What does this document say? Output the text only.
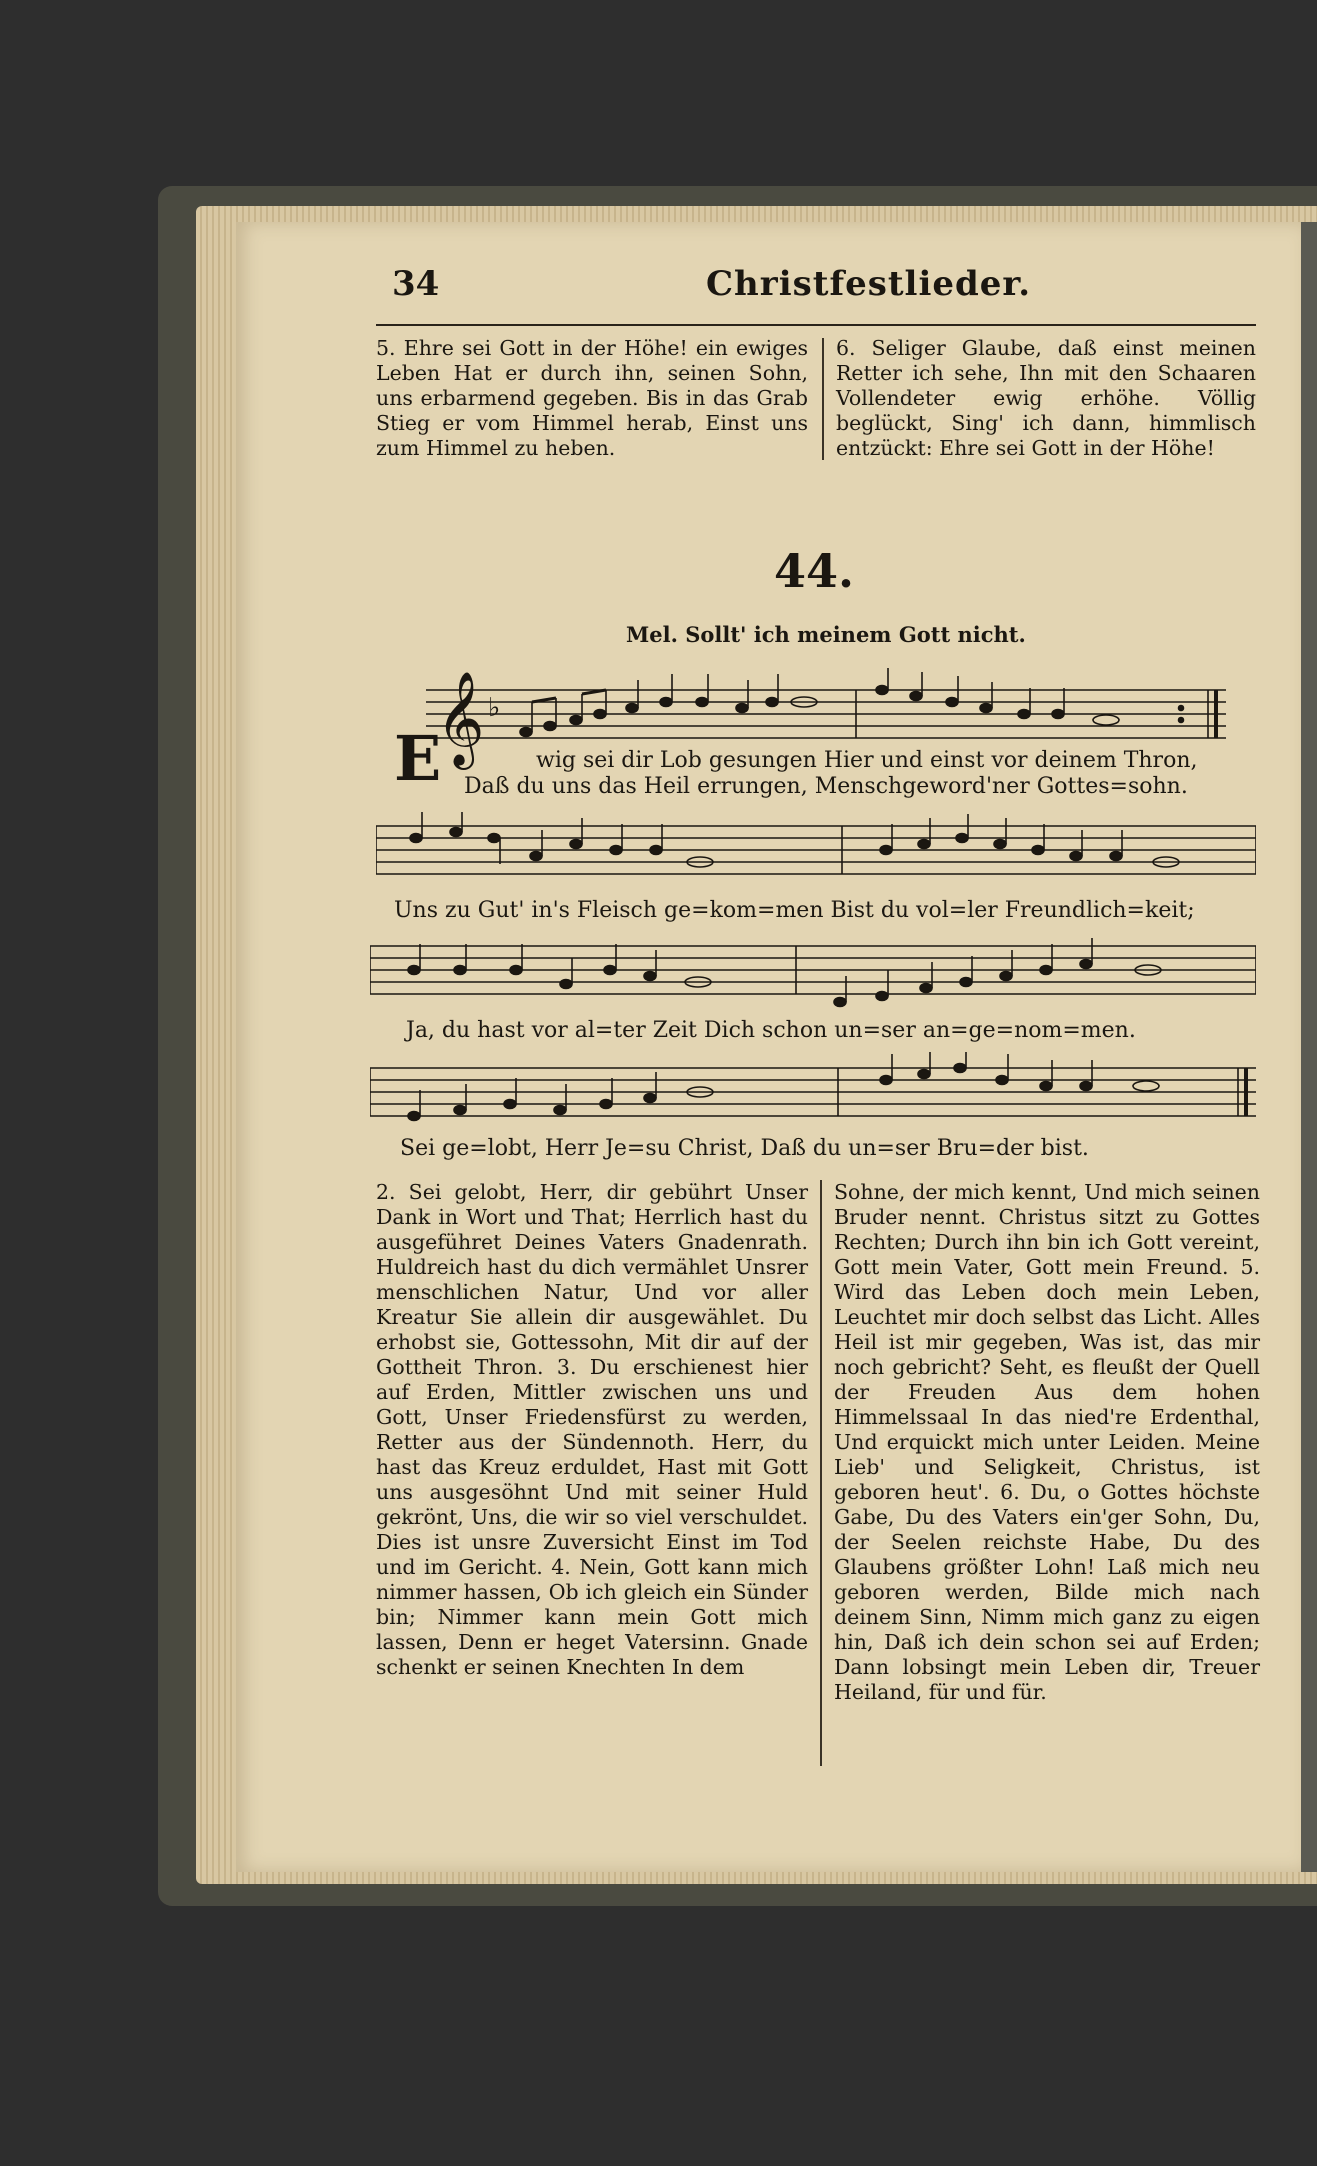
34	Christfestlieder.
5. Ehre sei Gott in der Höhe! ein ewiges Leben Hat er durch ihn, seinen Sohn, uns erbarmend gegeben. Bis in das Grab Stieg er vom Himmel herab, Einst uns zum Himmel zu heben.
6. Seliger Glaube, daß einst meinen Retter ich sehe, Ihn mit den Schaaren Vollendeter ewig erhöhe. Völlig beglückt, Sing' ich dann, himmlisch entzückt: Ehre sei Gott in der Höhe!
44.
Mel. Sollt' ich meinem Gott nicht.
E
𝄞 ♭
wig sei dir Lob gesungen Hier und einst vor deinem Thron,
Daß du uns das Heil errungen, Menschgeword'ner Gottes=sohn.
Uns zu Gut' in's Fleisch ge=kom=men Bist du vol=ler Freundlich=keit;
Ja, du hast vor al=ter Zeit Dich schon un=ser an=ge=nom=men.
Sei ge=lobt, Herr Je=su Christ, Daß du un=ser Bru=der bist.
2. Sei gelobt, Herr, dir gebührt Unser Dank in Wort und That; Herrlich hast du ausgeführet Deines Vaters Gnadenrath. Huldreich hast du dich vermählet Unsrer menschlichen Natur, Und vor aller Kreatur Sie allein dir ausgewählet. Du erhobst sie, Gottessohn, Mit dir auf der Gottheit Thron. 3. Du erschienest hier auf Erden, Mittler zwischen uns und Gott, Unser Friedensfürst zu werden, Retter aus der Sündennoth. Herr, du hast das Kreuz erduldet, Hast mit Gott uns ausgesöhnt Und mit seiner Huld gekrönt, Uns, die wir so viel verschuldet. Dies ist unsre Zuversicht Einst im Tod und im Gericht. 4. Nein, Gott kann mich nimmer hassen, Ob ich gleich ein Sünder bin; Nimmer kann mein Gott mich lassen, Denn er heget Vatersinn. Gnade schenkt er seinen Knechten In dem
Sohne, der mich kennt, Und mich seinen Bruder nennt. Christus sitzt zu Gottes Rechten; Durch ihn bin ich Gott vereint, Gott mein Vater, Gott mein Freund. 5. Wird das Leben doch mein Leben, Leuchtet mir doch selbst das Licht. Alles Heil ist mir gegeben, Was ist, das mir noch gebricht? Seht, es fleußt der Quell der Freuden Aus dem hohen Himmelssaal In das nied're Erdenthal, Und erquickt mich unter Leiden. Meine Lieb' und Seligkeit, Christus, ist geboren heut'. 6. Du, o Gottes höchste Gabe, Du des Vaters ein'ger Sohn, Du, der Seelen reichste Habe, Du des Glaubens größter Lohn! Laß mich neu geboren werden, Bilde mich nach deinem Sinn, Nimm mich ganz zu eigen hin, Daß ich dein schon sei auf Erden; Dann lobsingt mein Leben dir, Treuer Heiland, für und für.
